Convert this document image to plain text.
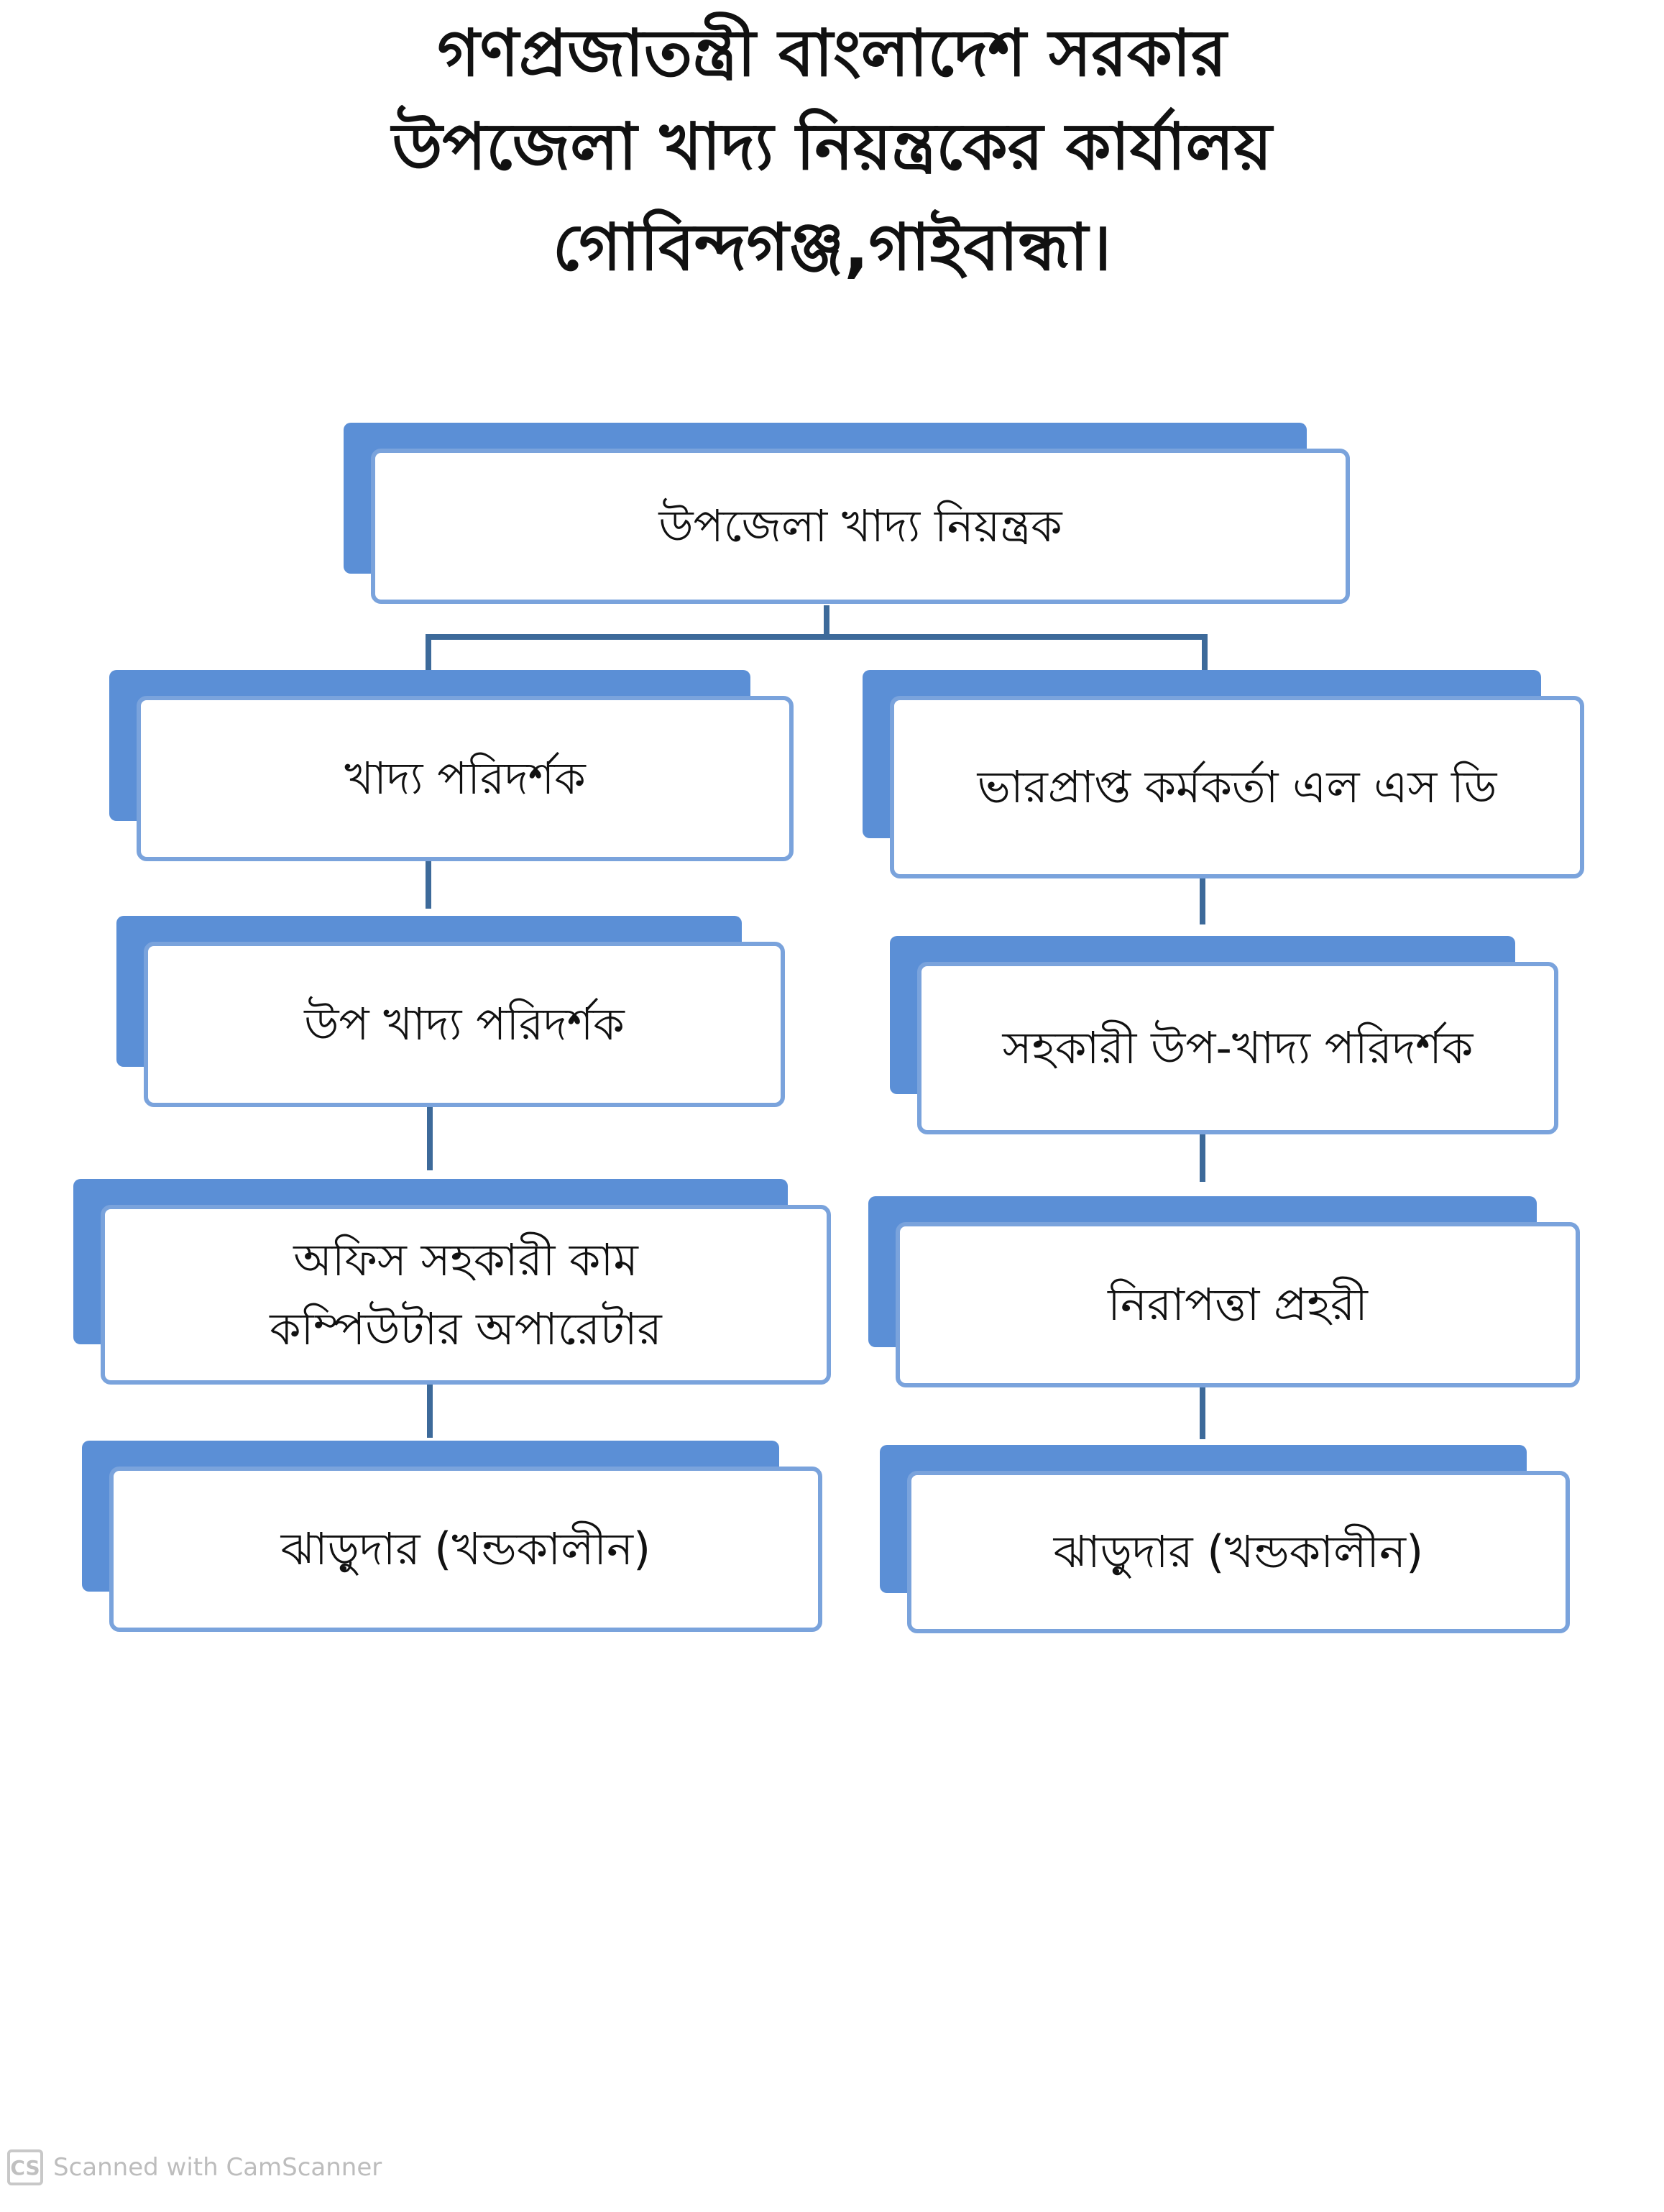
গণপ্রজাতন্ত্রী বাংলাদেশ সরকার
উপজেলা খাদ্য নিয়ন্ত্রকের কার্যালয়
গোবিন্দগঞ্জ,গাইবান্ধা।
উপজেলা খাদ্য নিয়ন্ত্রক
খাদ্য পরিদর্শক
উপ খাদ্য পরিদর্শক
অফিস সহকারী কাম
কম্পিউটার অপারেটার
ঝাড়ুদার (খন্ডকালীন)
ভারপ্রাপ্ত কর্মকর্তা এল এস ডি
সহকারী উপ-খাদ্য পরিদর্শক
নিরাপত্তা প্রহরী
ঝাড়ুদার (খন্ডকালীন)
CS Scanned with CamScanner
